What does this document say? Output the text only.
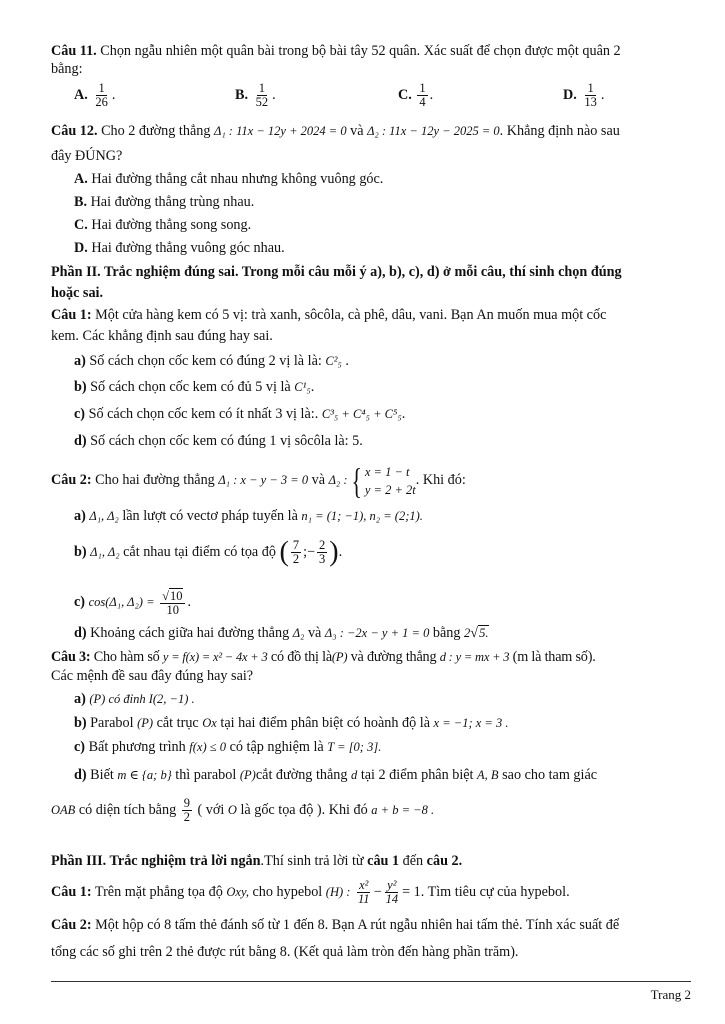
Câu 11. Chọn ngẫu nhiên một quân bài trong bộ bài tây 52 quân. Xác suất để chọn được một quân 2
bằng:
A. $\frac{1}{26}$ .	B. $\frac{1}{52}$ .	C. $\frac{1}{4}$ .	D. $\frac{1}{13}$ .
Câu 12. Cho 2 đường thẳng Δ₁ : 11x − 12y + 2024 = 0 và Δ₂ : 11x − 12y − 2025 = 0. Khẳng định nào sau
đây ĐÚNG?
A. Hai đường thẳng cắt nhau nhưng không vuông góc.
B. Hai đường thẳng trùng nhau.
C. Hai đường thẳng song song.
D. Hai đường thẳng vuông góc nhau.
Phần II. Trắc nghiệm đúng sai. Trong mỗi câu mỗi ý a), b), c), d) ở mỗi câu, thí sinh chọn đúng
hoặc sai.
Câu 1: Một cửa hàng kem có 5 vị: trà xanh, sôcôla, cà phê, dâu, vani. Bạn An muốn mua một cốc
kem. Các khẳng định sau đúng hay sai.
a) Số cách chọn cốc kem có đúng 2 vị là là: C²₅ .
b) Số cách chọn cốc kem có đủ 5 vị là C¹₅.
c) Số cách chọn cốc kem có ít nhất 3 vị là:. C³₅ + C⁴₅ + C⁵₅.
d) Số cách chọn cốc kem có đúng 1 vị sôcôla là: 5.
Câu 2: Cho hai đường thẳng Δ₁ : x − y − 3 = 0 và Δ₂ :{ x = 1 − t
y = 2 + 2t
. Khi đó:
a) Δ₁, Δ₂ lần lượt có vectơ pháp tuyến là n₁ = (1; −1), n₂ = (2;1).
b) Δ₁, Δ₂ cắt nhau tại điểm có tọa độ ( $\frac{7}{2}$ ;− $\frac{2}{3}$ ).
c) cos(Δ₁, $\Delta_2) = \frac{√10}{10}$ .
d) Khoảng cách giữa hai đường thẳng Δ₂ và Δ₃ : −2x − y + 1 = 0 bằng 2√5.
Câu 3: Cho hàm số y = f(x) = x² − 4x + 3 có đồ thị là(P) và đường thẳng d : y = mx + 3 (m là tham số).
Các mệnh đề sau đây đúng hay sai?
a) (P) có đỉnh I(2, −1) .
b) Parabol (P) cắt trục Ox tại hai điểm phân biệt có hoành độ là x = −1; x = 3 .
c) Bất phương trình f(x) ≤ 0 có tập nghiệm là T = [0; 3].
d) Biết m ∈ {a; b} thì parabol (P)cắt đường thẳng d tại 2 điểm phân biệt A, B sao cho tam giác
OAB có diện tích bằng $\frac{9}{2}$ ( với O là gốc tọa độ ). Khi đó a + b = −8 .
Phần III. Trắc nghiệm trả lời ngắn.Thí sinh trả lời từ câu 1 đến câu 2.
Câu 1: Trên mặt phẳng tọa độ Oxy, cho hypebol (H) : $\frac{\text{x²}}{11} - \frac{\text{y²}}{14} = 1$. Tìm tiêu cự của hypebol.
Câu 2: Một hộp có 8 tấm thẻ đánh số từ 1 đến 8. Bạn A rút ngẫu nhiên hai tấm thẻ. Tính xác suất để
tổng các số ghi trên 2 thẻ được rút bằng 8. (Kết quả làm tròn đến hàng phần trăm).
Trang 2
